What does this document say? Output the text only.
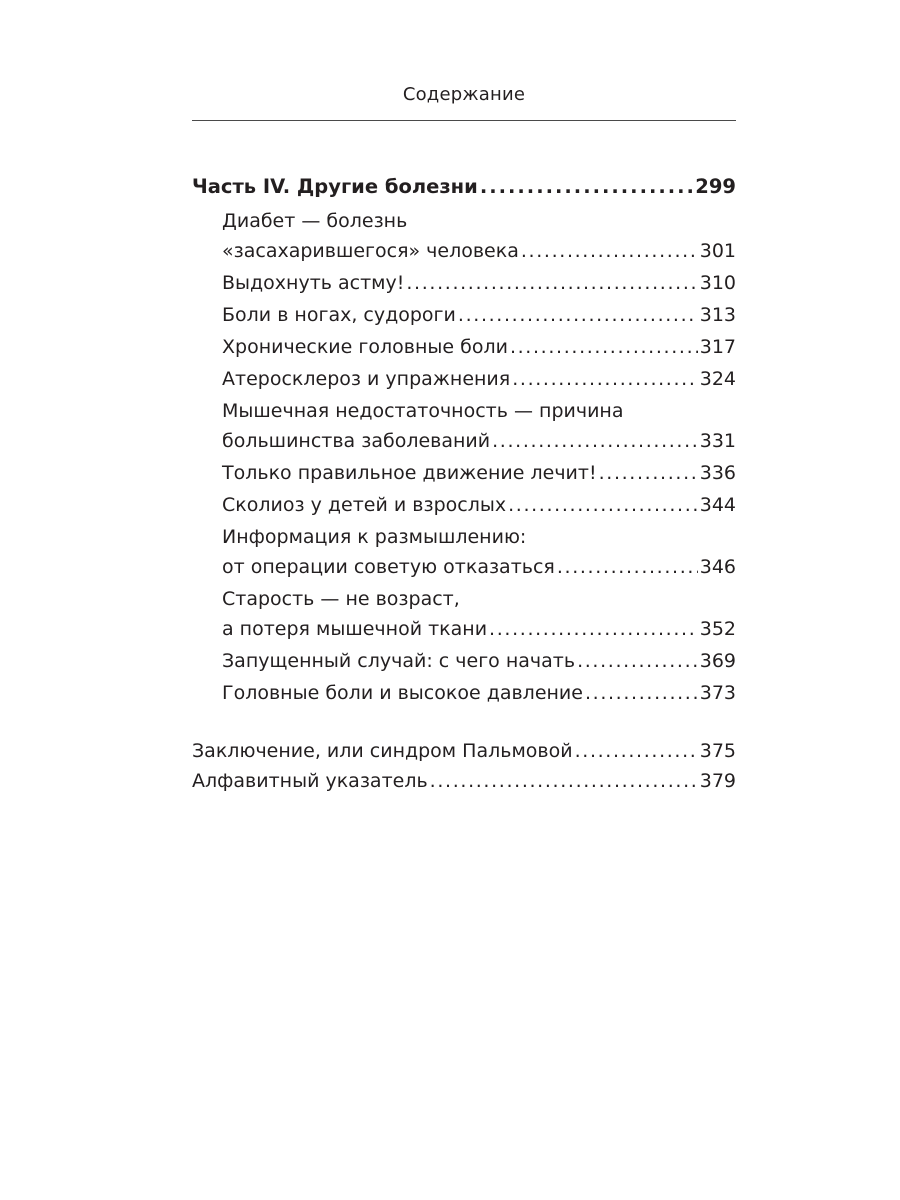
Содержание
Часть IV. Другие болезни . . .	299
Диабет — болезнь
«засахарившегося» человека . . .	301
Выдохнуть астму! . . .	310
Боли в ногах, судороги . . .	313
Хронические головные боли . . .	317
Атеросклероз и упражнения . . .	324
Мышечная недостаточность — причина
большинства заболеваний . . .	331
Только правильное движение лечит! . . .	336
Сколиоз у детей и взрослых . . .	344
Информация к размышлению:
от операции советую отказаться . . .	346
Старость — не возраст,
а потеря мышечной ткани . . .	352
Запущенный случай: с чего начать . . .	369
Головные боли и высокое давление . . .	373
Заключение, или синдром Пальмовой . . .	375
Алфавитный указатель . . .	379
